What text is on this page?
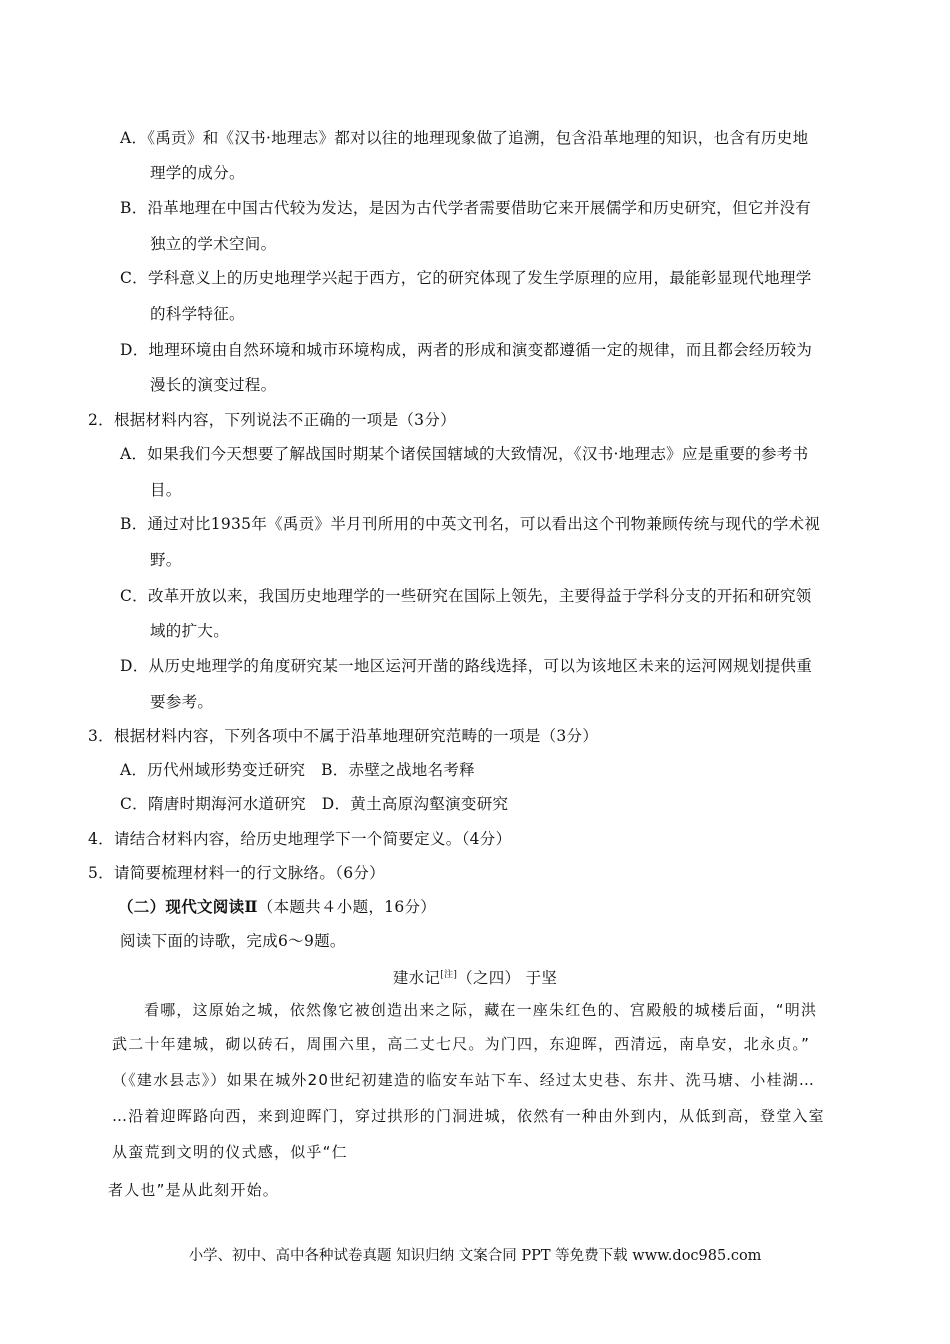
A．《禹贡》和《汉书·地理志》都对以往的地理现象做了追溯，包含沿革地理的知识，也含有历史地
理学的成分。
B．沿革地理在中国古代较为发达，是因为古代学者需要借助它来开展儒学和历史研究，但它并没有
独立的学术空间。
C．学科意义上的历史地理学兴起于西方，它的研究体现了发生学原理的应用，最能彰显现代地理学
的科学特征。
D．地理环境由自然环境和城市环境构成，两者的形成和演变都遵循一定的规律，而且都会经历较为
漫长的演变过程。
2．根据材料内容，下列说法不正确的一项是（3分）
A．如果我们今天想要了解战国时期某个诸侯国辖域的大致情况，《汉书·地理志》应是重要的参考书
目。
B．通过对比1935年《禹贡》半月刊所用的中英文刊名，可以看出这个刊物兼顾传统与现代的学术视
野。
C．改革开放以来，我国历史地理学的一些研究在国际上领先，主要得益于学科分支的开拓和研究领
域的扩大。
D．从历史地理学的角度研究某一地区运河开凿的路线选择，可以为该地区未来的运河网规划提供重
要参考。
3．根据材料内容，下列各项中不属于沿革地理研究范畴的一项是（3分）
A．历代州域形势变迁研究　B．赤壁之战地名考释
C．隋唐时期海河水道研究　D．黄土高原沟壑演变研究
4．请结合材料内容，给历史地理学下一个简要定义。（4分）
5．请简要梳理材料一的行文脉络。（6分）
（二）现代文阅读Ⅱ（本题共４小题，16分）
阅读下面的诗歌，完成6～9题。
建水记[注]（之四） 于坚
看哪，这原始之城，依然像它被创造出来之际，藏在一座朱红色的、宫殿般的城楼后面，“明洪
武二十年建城，砌以砖石，周围六里，高二丈七尺。为门四，东迎晖，西清远，南阜安，北永贞。”
（《建水县志》）如果在城外20世纪初建造的临安车站下车、经过太史巷、东井、洗马塘、小桂湖…
…沿着迎晖路向西，来到迎晖门，穿过拱形的门洞进城，依然有一种由外到内，从低到高，登堂入室
从蛮荒到文明的仪式感，似乎“仁
者人也”是从此刻开始。
小学、初中、高中各种试卷真题 知识归纳 文案合同 PPT 等免费下载 www.doc985.com
